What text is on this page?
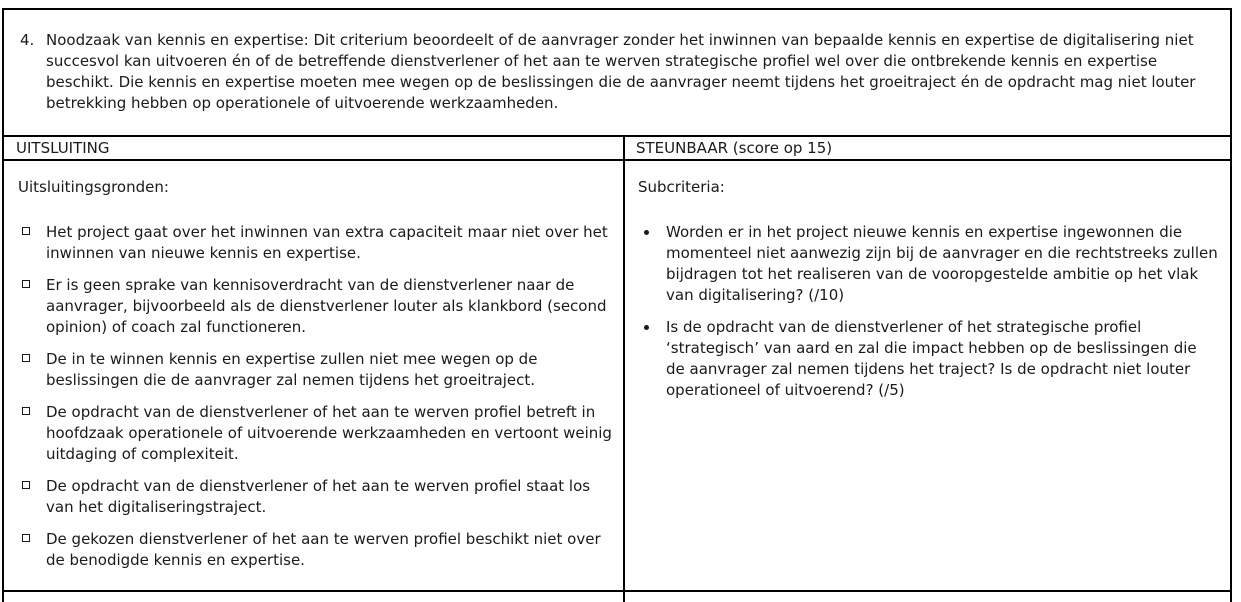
4. Noodzaak van kennis en expertise: Dit criterium beoordeelt of de aanvrager zonder het inwinnen van bepaalde kennis en expertise de digitalisering niet succesvol kan uitvoeren én of de betreffende dienstverlener of het aan te werven strategische profiel wel over die ontbrekende kennis en expertise beschikt. Die kennis en expertise moeten mee wegen op de beslissingen die de aanvrager neemt tijdens het groeitraject én de opdracht mag niet louter betrekking hebben op operationele of uitvoerende werkzaamheden.
UITSLUITING	STEUNBAAR (score op 15)
Uitsluitingsgronden:
Het project gaat over het inwinnen van extra capaciteit maar niet over het inwinnen van nieuwe kennis en expertise.
Er is geen sprake van kennisoverdracht van de dienstverlener naar de aanvrager, bijvoorbeeld als de dienstverlener louter als klankbord (second opinion) of coach zal functioneren.
De in te winnen kennis en expertise zullen niet mee wegen op de beslissingen die de aanvrager zal nemen tijdens het groeitraject.
De opdracht van de dienstverlener of het aan te werven profiel betreft in hoofdzaak operationele of uitvoerende werkzaamheden en vertoont weinig uitdaging of complexiteit.
De opdracht van de dienstverlener of het aan te werven profiel staat los van het digitaliseringstraject.
De gekozen dienstverlener of het aan te werven profiel beschikt niet over de benodigde kennis en expertise.
Subcriteria:
Worden er in het project nieuwe kennis en expertise ingewonnen die momenteel niet aanwezig zijn bij de aanvrager en die rechtstreeks zullen bijdragen tot het realiseren van de vooropgestelde ambitie op het vlak van digitalisering? (/10)
Is de opdracht van de dienstverlener of het strategische profiel ‘strategisch’ van aard en zal die impact hebben op de beslissingen die de aanvrager zal nemen tijdens het traject? Is de opdracht niet louter operationeel of uitvoerend? (/5)
